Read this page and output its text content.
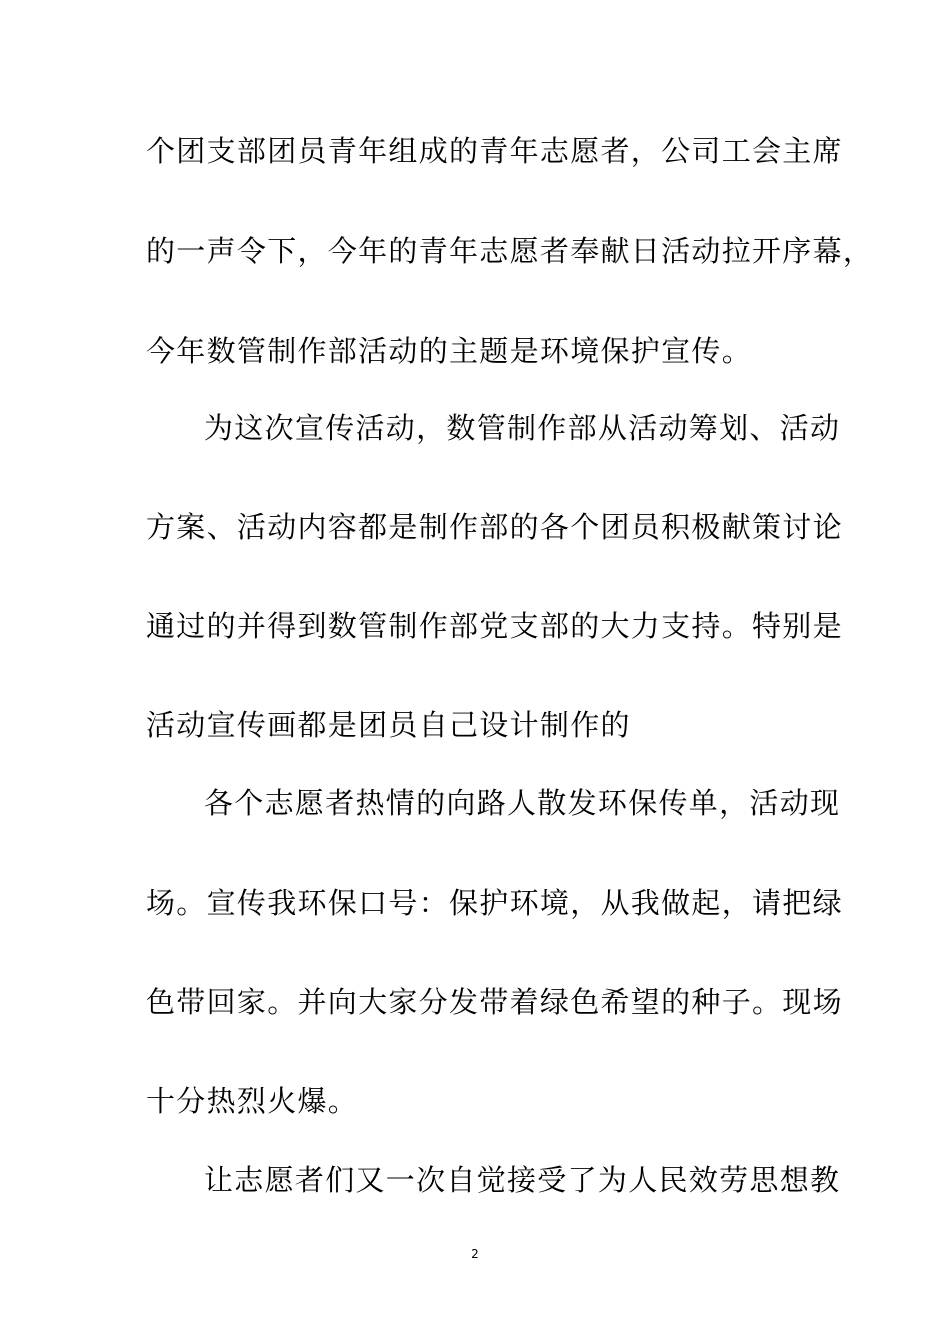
个团支部团员青年组成的青年志愿者，公司工会主席
的一声令下，今年的青年志愿者奉献日活动拉开序幕，
今年数管制作部活动的主题是环境保护宣传。
为这次宣传活动，数管制作部从活动筹划、活动
方案、活动内容都是制作部的各个团员积极献策讨论
通过的并得到数管制作部党支部的大力支持。特别是
活动宣传画都是团员自己设计制作的
各个志愿者热情的向路人散发环保传单，活动现
场。宣传我环保口号：保护环境，从我做起，请把绿
色带回家。并向大家分发带着绿色希望的种子。现场
十分热烈火爆。
让志愿者们又一次自觉接受了为人民效劳思想教
2
